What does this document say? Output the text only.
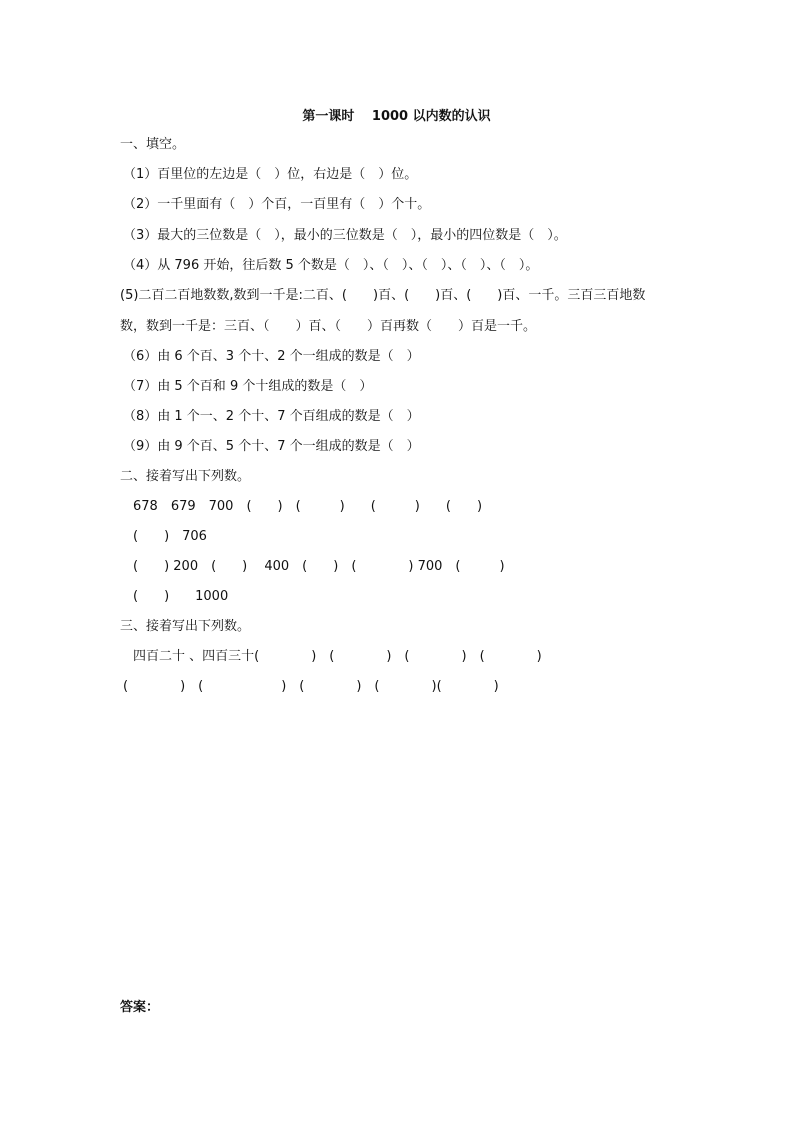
第一课时　 1000 以内数的认识
一、填空。
（1）百里位的左边是（　）位，右边是（　）位。
（2）一千里面有（　）个百，一百里有（　）个十。
（3）最大的三位数是（　），最小的三位数是（　），最小的四位数是（　）。
（4）从 796 开始，往后数 5 个数是（　）、（　）、（　）、（　）、（　）。
(5)二百二百地数数,数到一千是:二百、(　　)百、(　　)百、(　　)百、一千。三百三百地数
数，数到一千是：三百、（　　）百、（　　）百再数（　　）百是一千。
（6）由 6 个百、3 个十、2 个一组成的数是（　）
（7）由 5 个百和 9 个十组成的数是（　）
（8）由 1 个一、2 个十、7 个百组成的数是（　）
（9）由 9 个百、5 个十、7 个一组成的数是（　）
二、接着写出下列数。
678　679　700　(　　)　(　　　)　　(　　　)　　(　　)
(　　)　706
(　　) 200　(　　)　 400　(　　)　(　　　　) 700　(　　　)
(　　)　　1000
三、接着写出下列数。
四百二十 、四百三十(　　　　)　(　　　　)　(　　　　)　(　　　　)
(　　　　)　(　　　　　　)　(　　　　)　(　　　　)(　　　　)
答案：
